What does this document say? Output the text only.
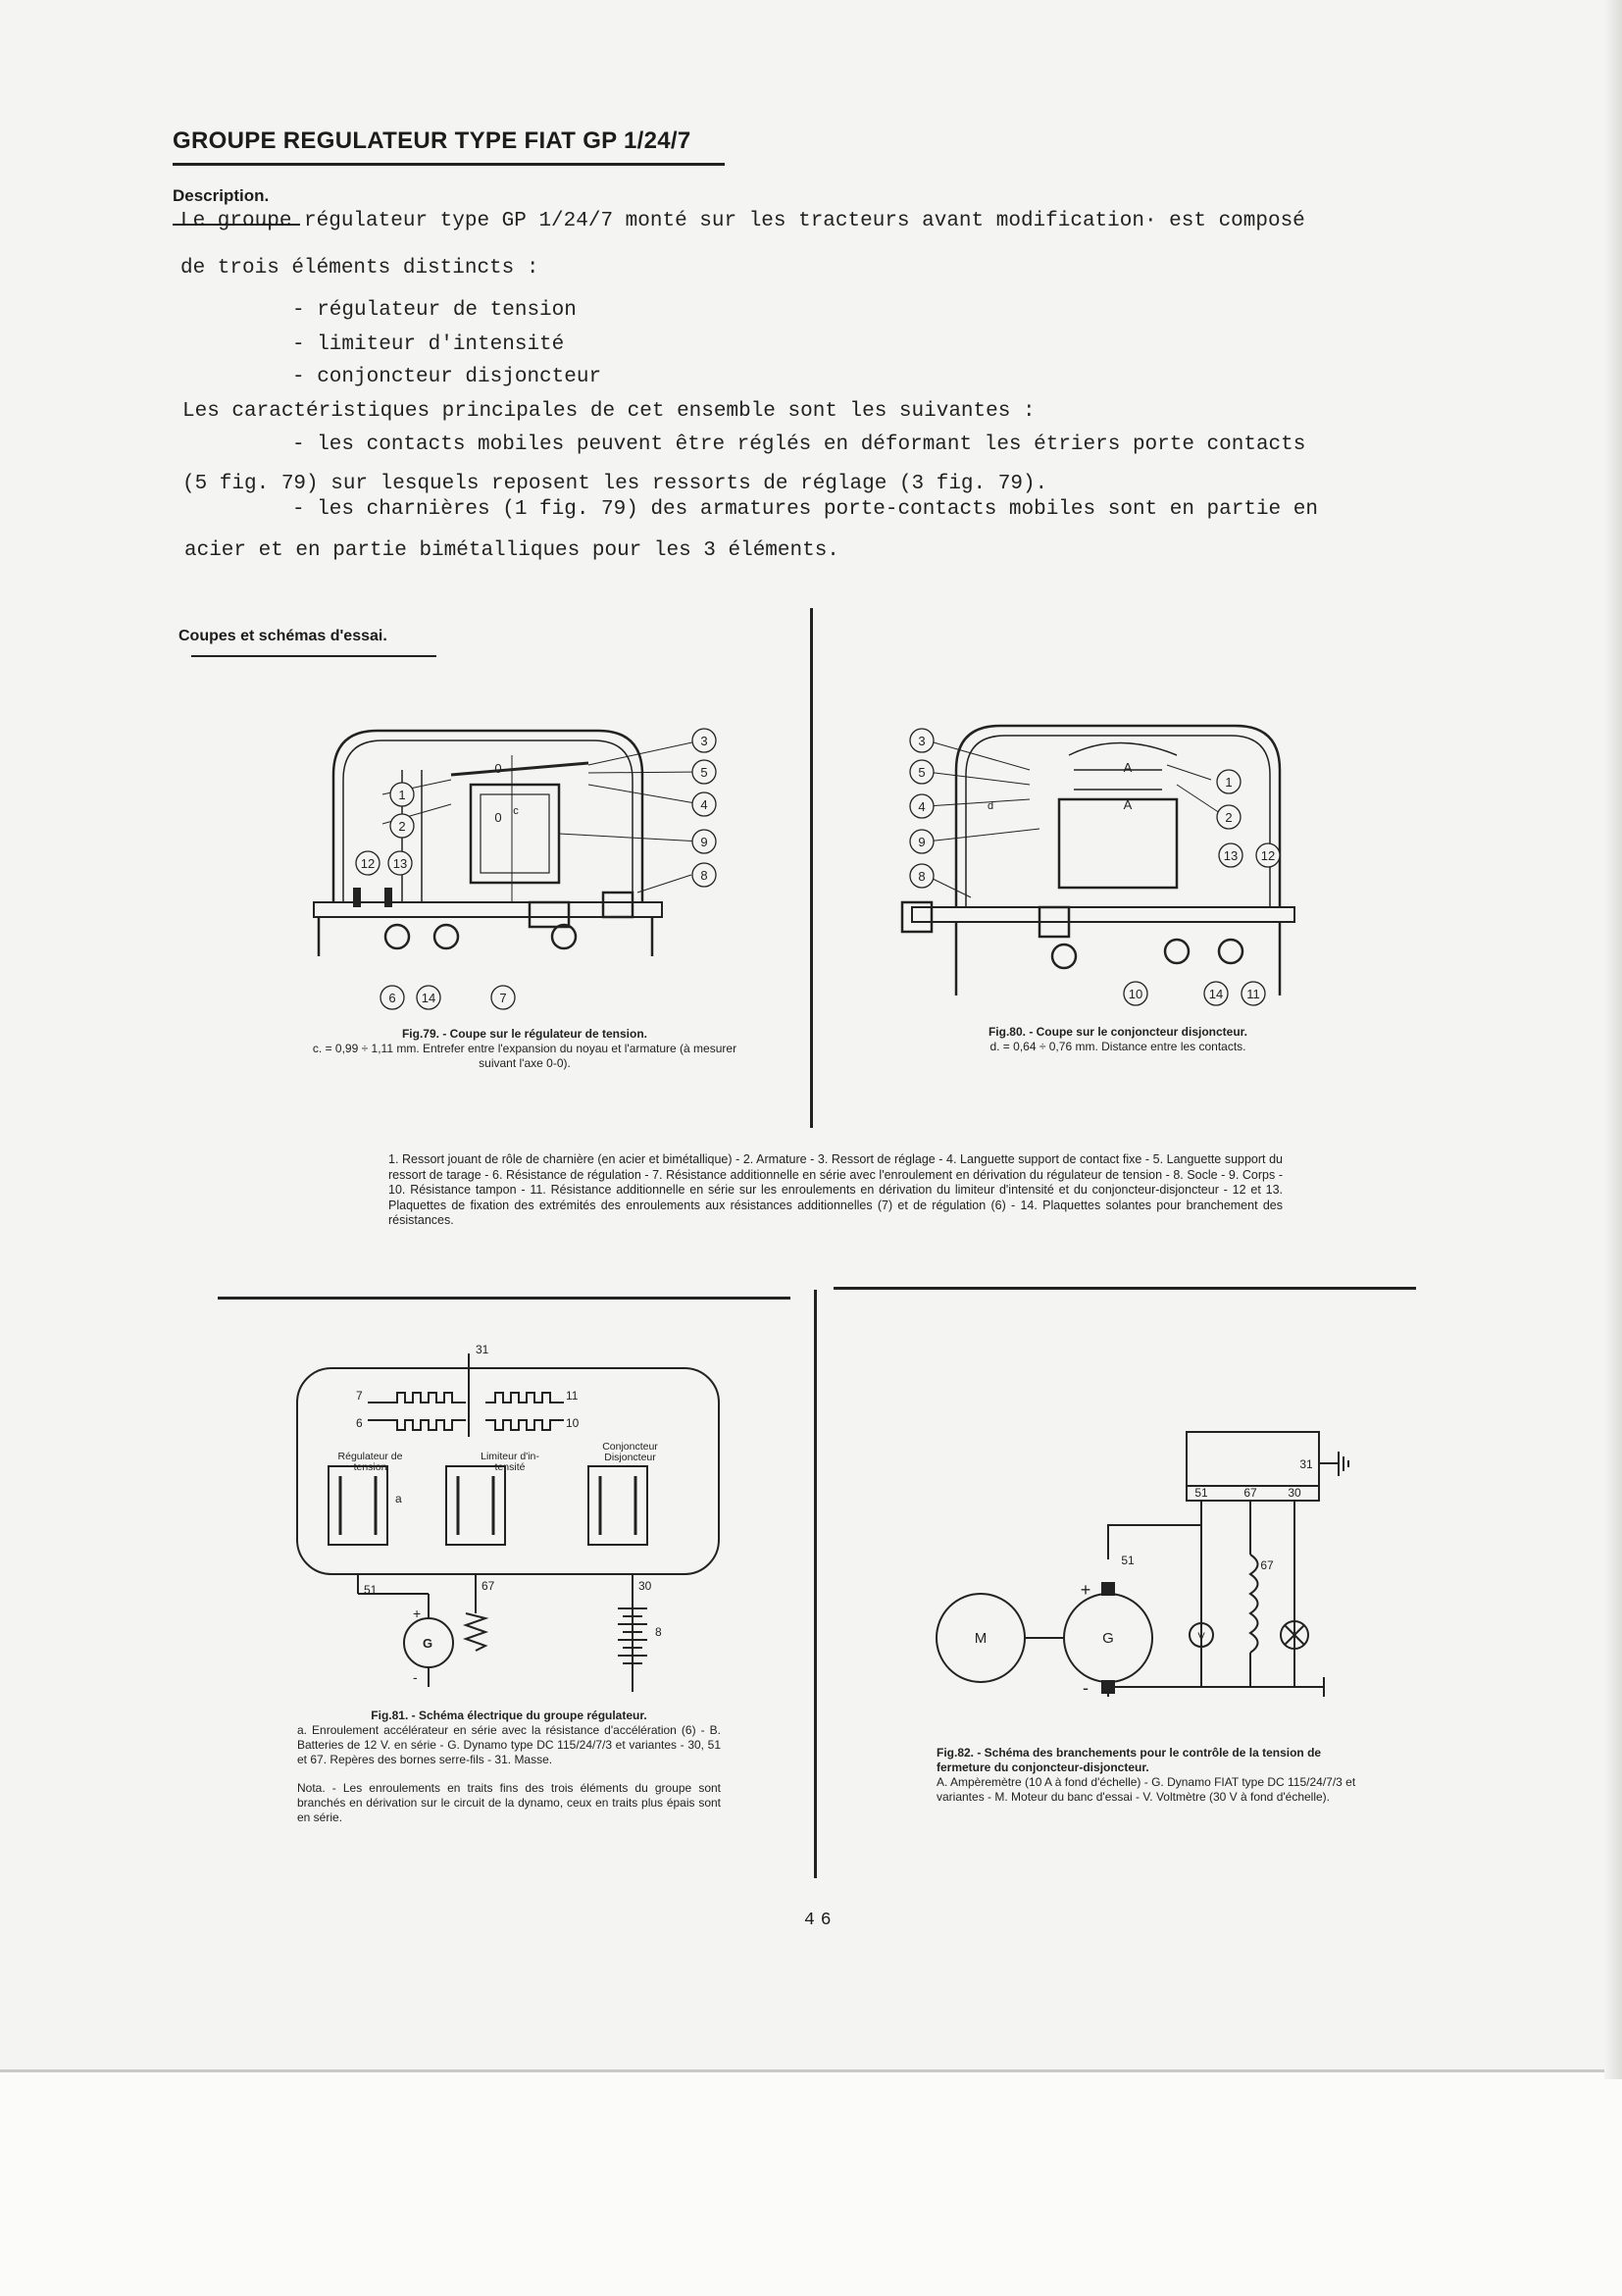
GROUPE REGULATEUR TYPE FIAT GP 1/24/7
Description.
Le groupe régulateur type GP 1/24/7 monté sur les tracteurs avant modification· est composé
de trois éléments distincts :
- régulateur de tension
- limiteur d'intensité
- conjoncteur disjoncteur
Les caractéristiques principales de cet ensemble sont les suivantes :
- les contacts mobiles peuvent être réglés en déformant les étriers porte contacts
(5 fig. 79) sur lesquels reposent les ressorts de réglage (3 fig. 79).
- les charnières (1 fig. 79) des armatures porte-contacts mobiles sont en partie en
acier et en partie bimétalliques pour les 3 éléments.
Coupes et schémas d'essai.
1
2
3
5
4
9
8
12 13
6 14	7
0
0 c
Fig.79. - Coupe sur le régulateur de tension.
c. = 0,99 ÷ 1,11 mm. Entrefer entre l'expansion du noyau et l'armature (à mesurer suivant l'axe 0-0).
3
5
4
9
8
1
2
13 12
10	14 11
A
A
d
Fig.80. - Coupe sur le conjoncteur disjoncteur.
d. = 0,64 ÷ 0,76 mm. Distance entre les contacts.
1. Ressort jouant de rôle de charnière (en acier et bimétallique) - 2. Armature - 3. Ressort de réglage - 4. Languette support de contact fixe - 5. Languette support du ressort de tarage - 6. Résistance de régulation - 7. Résistance additionnelle en série avec l'enroulement en dérivation du régulateur de tension - 8. Socle - 9. Corps - 10. Résistance tampon - 11. Résistance additionnelle en série sur les enroulements en dérivation du limiteur d'intensité et du conjoncteur-disjoncteur - 12 et 13. Plaquettes de fixation des extrémités des enroulements aux résistances additionnelles (7) et de régulation (6) - 14. Plaquettes solantes pour branchement des résistances.
31
7
6
11
10
a
51	67	30
G
8
+
-
Régulateur de tension
Limiteur d'in-tensité
Conjoncteur Disjoncteur
Fig.81. - Schéma électrique du groupe régulateur.
a. Enroulement accélérateur en série avec la résistance d'accélération (6) - B. Batteries de 12 V. en série - G. Dynamo type DC 115/24/7/3 et variantes - 30, 51 et 67. Repères des bornes serre-fils - 31. Masse.
Nota. - Les enroulements en traits fins des trois éléments du groupe sont branchés en dérivation sur le circuit de la dynamo, ceux en traits plus épais sont en série.
31
51	67	30
M	G	V
51	67
+
-
Fig.82. - Schéma des branchements pour le contrôle de la tension de fermeture du conjoncteur-disjoncteur.
A. Ampèremètre (10 A à fond d'échelle) - G. Dynamo FIAT type DC 115/24/7/3 et variantes - M. Moteur du banc d'essai - V. Voltmètre (30 V à fond d'échelle).
46
